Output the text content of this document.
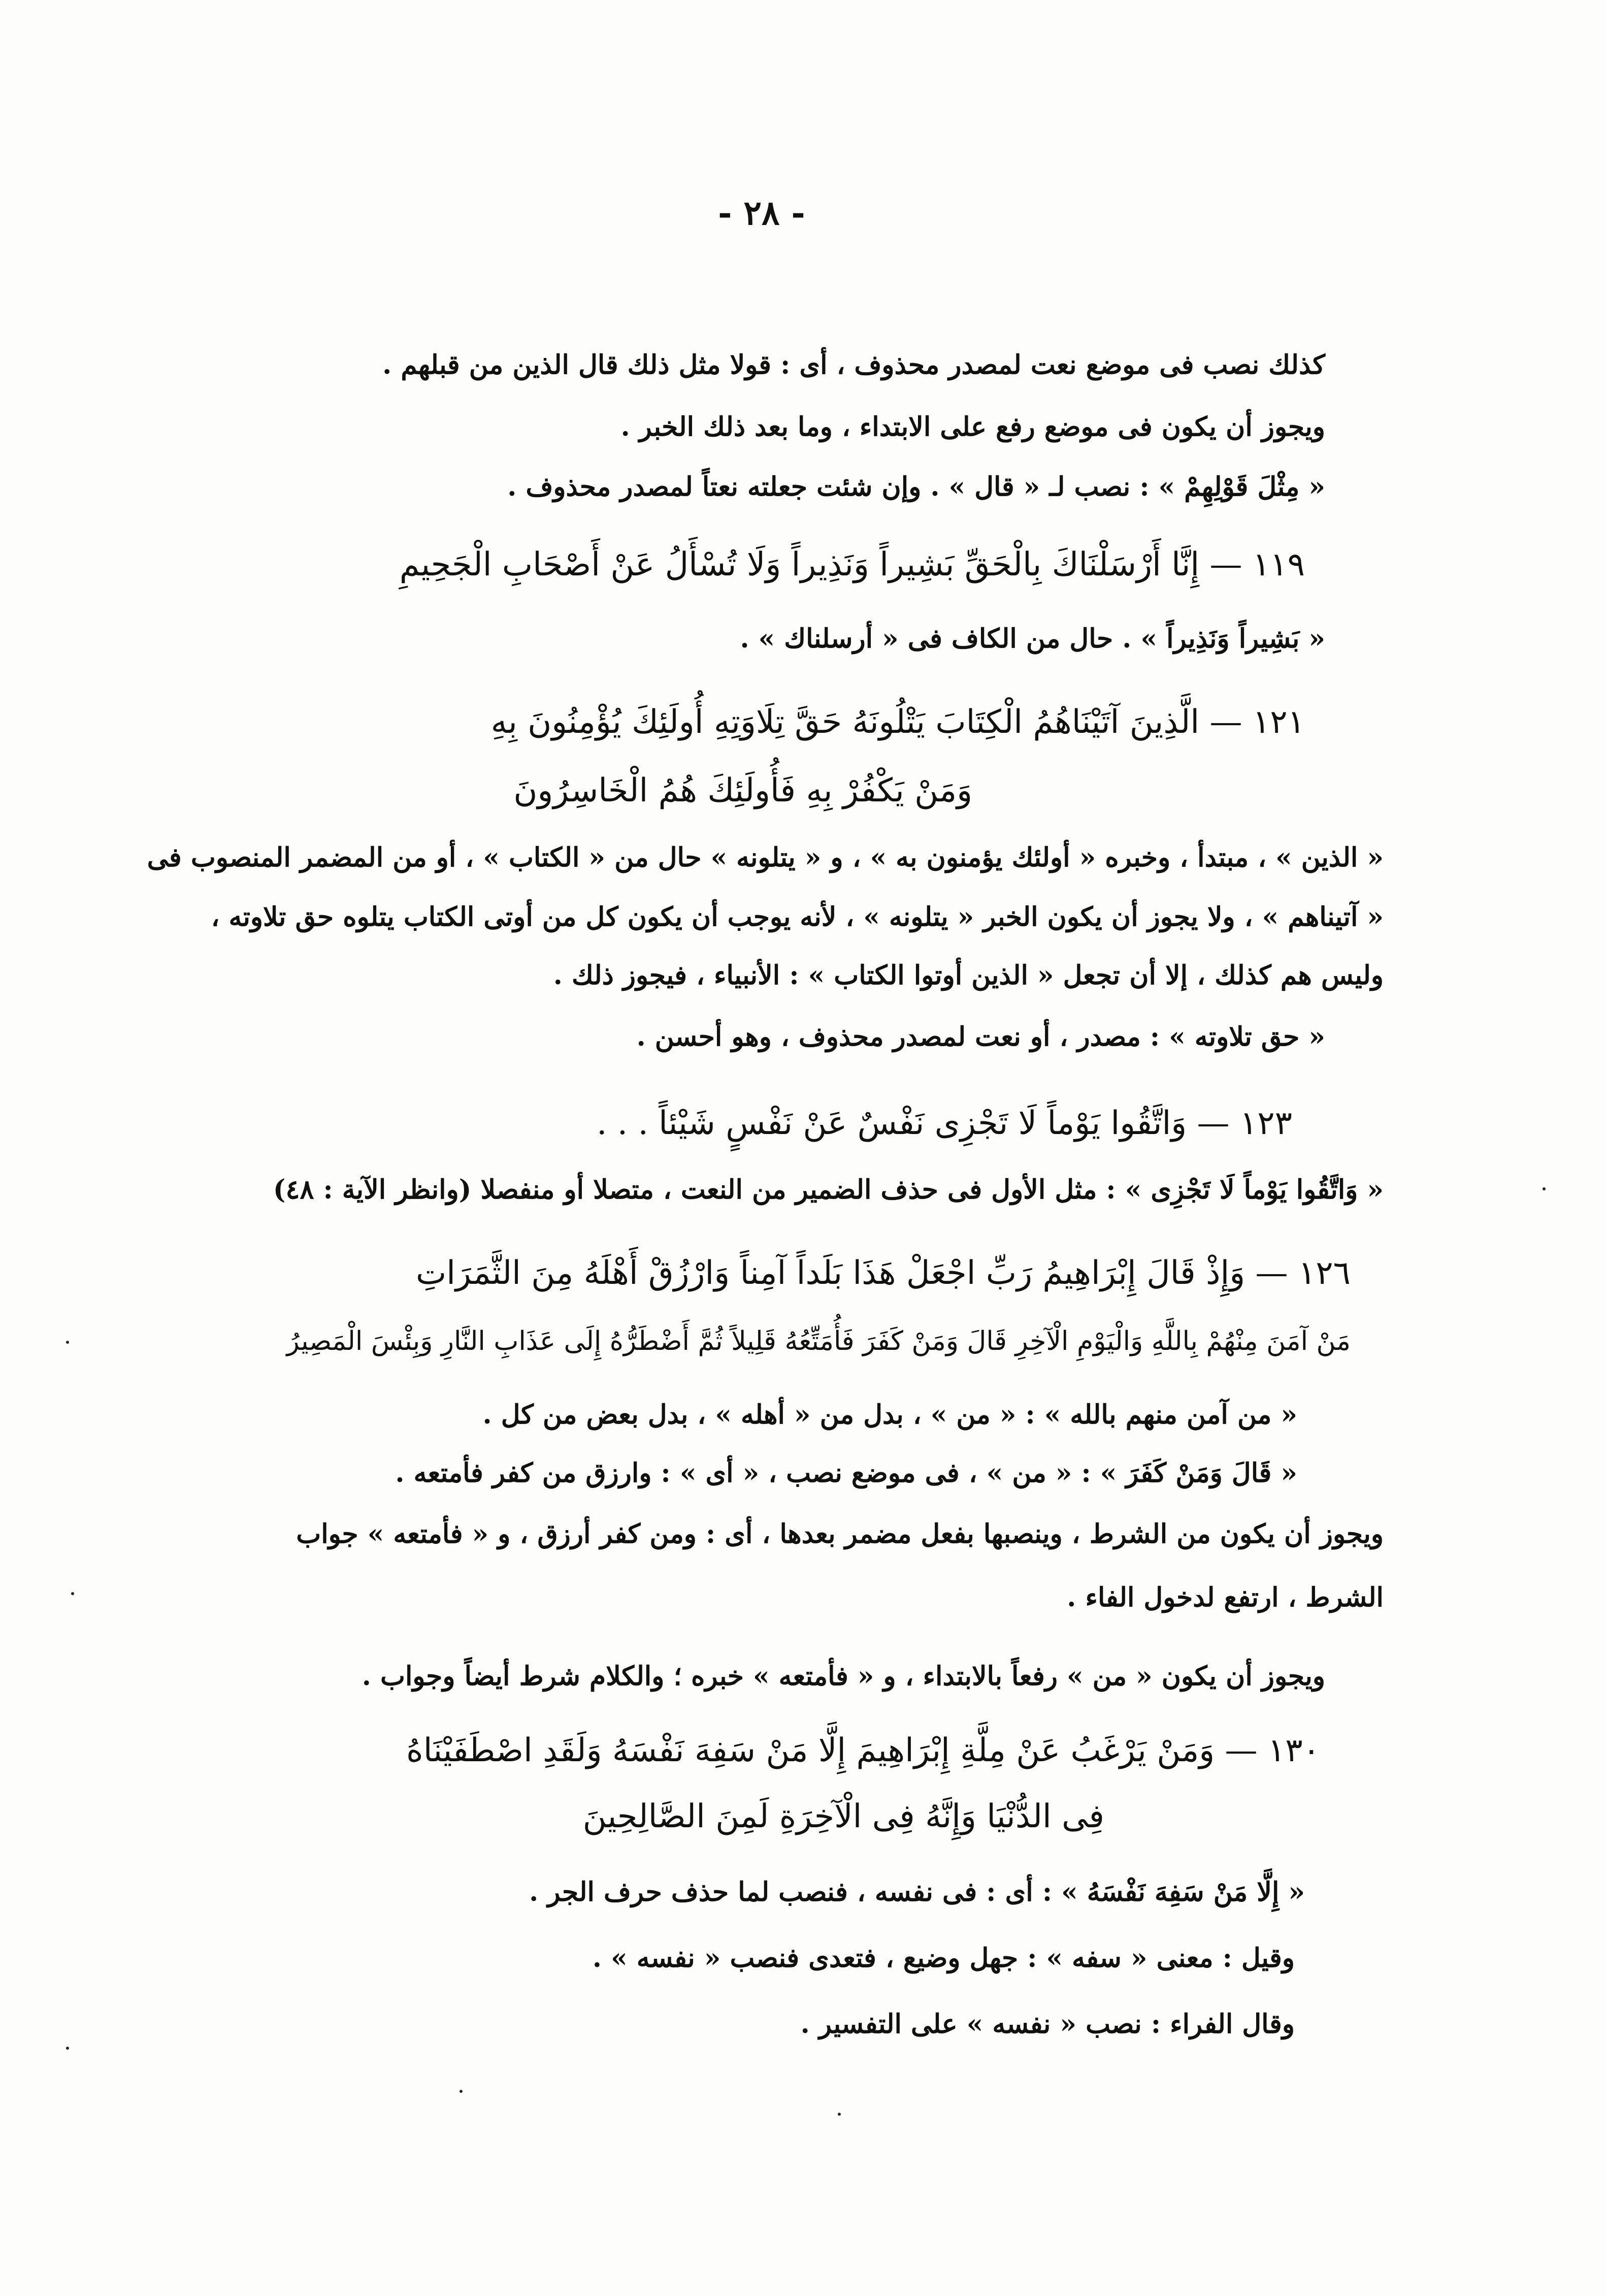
- ٢٨ -
كذلك نصب فى موضع نعت لمصدر محذوف ، أى : قولا مثل ذلك قال الذين من قبلهم .
ويجوز أن يكون فى موضع رفع على الابتداء ، وما بعد ذلك الخبر .
« مِثْلَ قَوْلِهِمْ » : نصب لـ « قال » . وإن شئت جعلته نعتاً لمصدر محذوف .
١١٩ — إِنَّا أَرْسَلْنَاكَ بِالْحَقِّ بَشِيراً وَنَذِيراً وَلَا تُسْأَلُ عَنْ أَصْحَابِ الْجَحِيمِ
« بَشِيراً وَنَذِيراً » . حال من الكاف فى « أرسلناك » .
١٢١ — الَّذِينَ آتَيْنَاهُمُ الْكِتَابَ يَتْلُونَهُ حَقَّ تِلَاوَتِهِ أُولَئِكَ يُؤْمِنُونَ بِهِ
وَمَنْ يَكْفُرْ بِهِ فَأُولَئِكَ هُمُ الْخَاسِرُونَ
« الذين » ، مبتدأ ، وخبره « أولئك يؤمنون به » ، و « يتلونه » حال من « الكتاب » ، أو من المضمر المنصوب فى
« آتيناهم » ، ولا يجوز أن يكون الخبر « يتلونه » ، لأنه يوجب أن يكون كل من أوتى الكتاب يتلوه حق تلاوته ،
وليس هم كذلك ، إلا أن تجعل « الذين أوتوا الكتاب » : الأنبياء ، فيجوز ذلك .
« حق تلاوته » : مصدر ، أو نعت لمصدر محذوف ، وهو أحسن .
١٢٣ — وَاتَّقُوا يَوْماً لَا تَجْزِى نَفْسٌ عَنْ نَفْسٍ شَيْئاً . . .
« وَاتَّقُوا يَوْماً لَا تَجْزِى » : مثل الأول فى حذف الضمير من النعت ، متصلا أو منفصلا (وانظر الآية : ٤٨)
١٢٦ — وَإِذْ قَالَ إِبْرَاهِيمُ رَبِّ اجْعَلْ هَذَا بَلَداً آمِناً وَارْزُقْ أَهْلَهُ مِنَ الثَّمَرَاتِ
مَنْ آمَنَ مِنْهُمْ بِاللَّهِ وَالْيَوْمِ الْآخِرِ قَالَ وَمَنْ كَفَرَ فَأُمَتِّعُهُ قَلِيلاً ثُمَّ أَضْطَرُّهُ إِلَى عَذَابِ النَّارِ وَبِئْسَ الْمَصِيرُ
« من آمن منهم بالله » : « من » ، بدل من « أهله » ، بدل بعض من كل .
« قَالَ وَمَنْ كَفَرَ » : « من » ، فى موضع نصب ، « أى » : وارزق من كفر فأمتعه .
ويجوز أن يكون من الشرط ، وينصبها بفعل مضمر بعدها ، أى : ومن كفر أرزق ، و « فأمتعه » جواب
الشرط ، ارتفع لدخول الفاء .
ويجوز أن يكون « من » رفعاً بالابتداء ، و « فأمتعه » خبره ؛ والكلام شرط أيضاً وجواب .
١٣٠ — وَمَنْ يَرْغَبُ عَنْ مِلَّةِ إِبْرَاهِيمَ إِلَّا مَنْ سَفِهَ نَفْسَهُ وَلَقَدِ اصْطَفَيْنَاهُ
فِى الدُّنْيَا وَإِنَّهُ فِى الْآخِرَةِ لَمِنَ الصَّالِحِينَ
« إِلَّا مَنْ سَفِهَ نَفْسَهُ » : أى : فى نفسه ، فنصب لما حذف حرف الجر .
وقيل : معنى « سفه » : جهل وضيع ، فتعدى فنصب « نفسه » .
وقال الفراء : نصب « نفسه » على التفسير .
